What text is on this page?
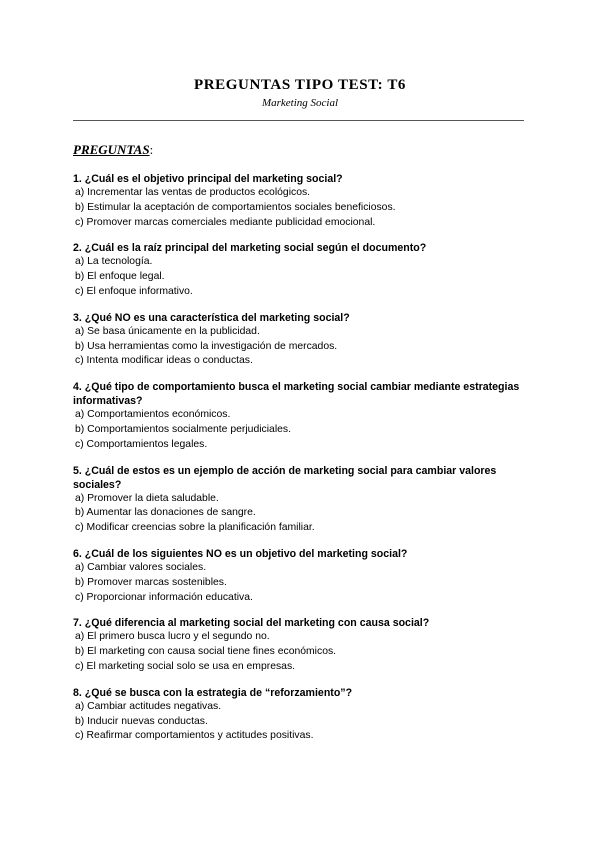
PREGUNTAS TIPO TEST: T6
Marketing Social
PREGUNTAS:
1. ¿Cuál es el objetivo principal del marketing social?
a) Incrementar las ventas de productos ecológicos.
b) Estimular la aceptación de comportamientos sociales beneficiosos.
c) Promover marcas comerciales mediante publicidad emocional.
2. ¿Cuál es la raíz principal del marketing social según el documento?
a) La tecnología.
b) El enfoque legal.
c) El enfoque informativo.
3. ¿Qué NO es una característica del marketing social?
a) Se basa únicamente en la publicidad.
b) Usa herramientas como la investigación de mercados.
c) Intenta modificar ideas o conductas.
4. ¿Qué tipo de comportamiento busca el marketing social cambiar mediante estrategias informativas?
a) Comportamientos económicos.
b) Comportamientos socialmente perjudiciales.
c) Comportamientos legales.
5. ¿Cuál de estos es un ejemplo de acción de marketing social para cambiar valores sociales?
a) Promover la dieta saludable.
b) Aumentar las donaciones de sangre.
c) Modificar creencias sobre la planificación familiar.
6. ¿Cuál de los siguientes NO es un objetivo del marketing social?
a) Cambiar valores sociales.
b) Promover marcas sostenibles.
c) Proporcionar información educativa.
7. ¿Qué diferencia al marketing social del marketing con causa social?
a) El primero busca lucro y el segundo no.
b) El marketing con causa social tiene fines económicos.
c) El marketing social solo se usa en empresas.
8. ¿Qué se busca con la estrategia de “reforzamiento”?
a) Cambiar actitudes negativas.
b) Inducir nuevas conductas.
c) Reafirmar comportamientos y actitudes positivas.
